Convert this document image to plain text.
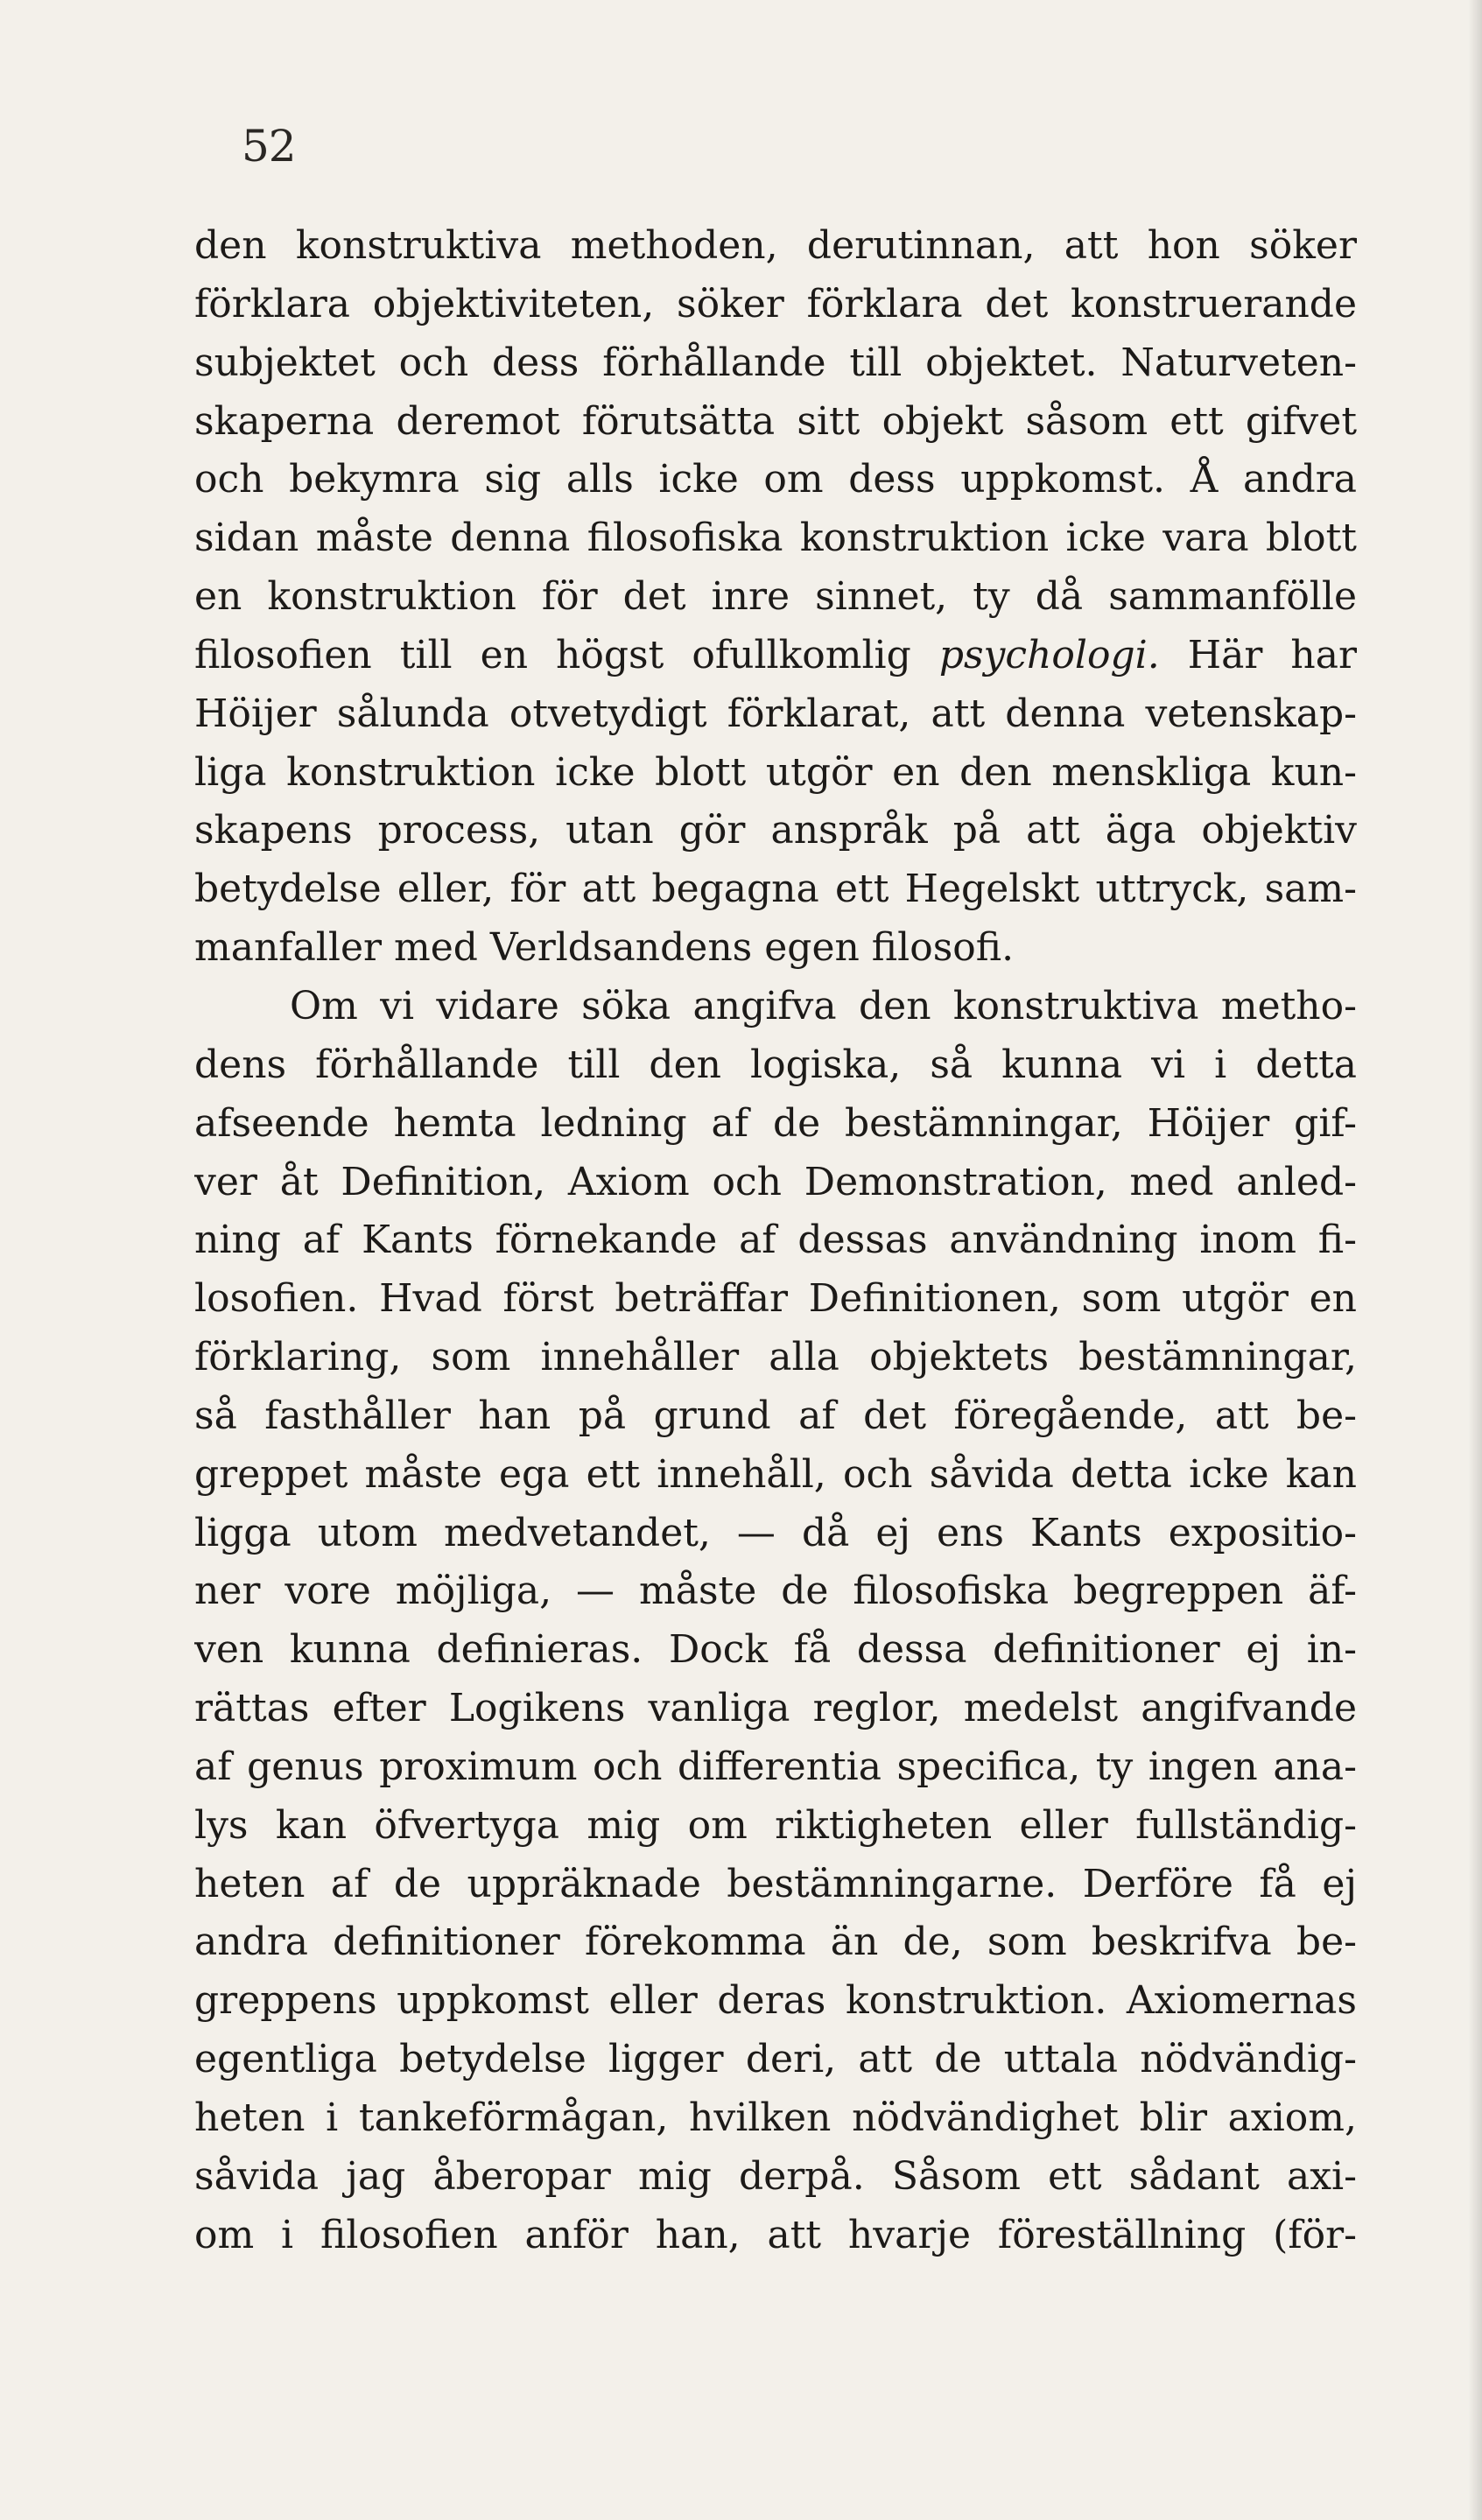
52
den konstruktiva methoden, derutinnan, att hon söker
förklara objektiviteten, söker förklara det konstruerande
subjektet och dess förhållande till objektet. Naturveten-
skaperna deremot förutsätta sitt objekt såsom ett gifvet
och bekymra sig alls icke om dess uppkomst. Å andra
sidan måste denna filosofiska konstruktion icke vara blott
en konstruktion för det inre sinnet, ty då sammanfölle
filosofien till en högst ofullkomlig psychologi. Här har
Höijer sålunda otvetydigt förklarat, att denna vetenskap-
liga konstruktion icke blott utgör en den menskliga kun-
skapens process, utan gör anspråk på att äga objektiv
betydelse eller, för att begagna ett Hegelskt uttryck, sam-
manfaller med Verldsandens egen filosofi.
Om vi vidare söka angifva den konstruktiva metho-
dens förhållande till den logiska, så kunna vi i detta
afseende hemta ledning af de bestämningar, Höijer gif-
ver åt Definition, Axiom och Demonstration, med anled-
ning af Kants förnekande af dessas användning inom fi-
losofien. Hvad först beträffar Definitionen, som utgör en
förklaring, som innehåller alla objektets bestämningar,
så fasthåller han på grund af det föregående, att be-
greppet måste ega ett innehåll, och såvida detta icke kan
ligga utom medvetandet, — då ej ens Kants expositio-
ner vore möjliga, — måste de filosofiska begreppen äf-
ven kunna definieras. Dock få dessa definitioner ej in-
rättas efter Logikens vanliga reglor, medelst angifvande
af genus proximum och differentia specifica, ty ingen ana-
lys kan öfvertyga mig om riktigheten eller fullständig-
heten af de uppräknade bestämningarne. Derföre få ej
andra definitioner förekomma än de, som beskrifva be-
greppens uppkomst eller deras konstruktion. Axiomernas
egentliga betydelse ligger deri, att de uttala nödvändig-
heten i tankeförmågan, hvilken nödvändighet blir axiom,
såvida jag åberopar mig derpå. Såsom ett sådant axi-
om i filosofien anför han, att hvarje föreställning (för-
